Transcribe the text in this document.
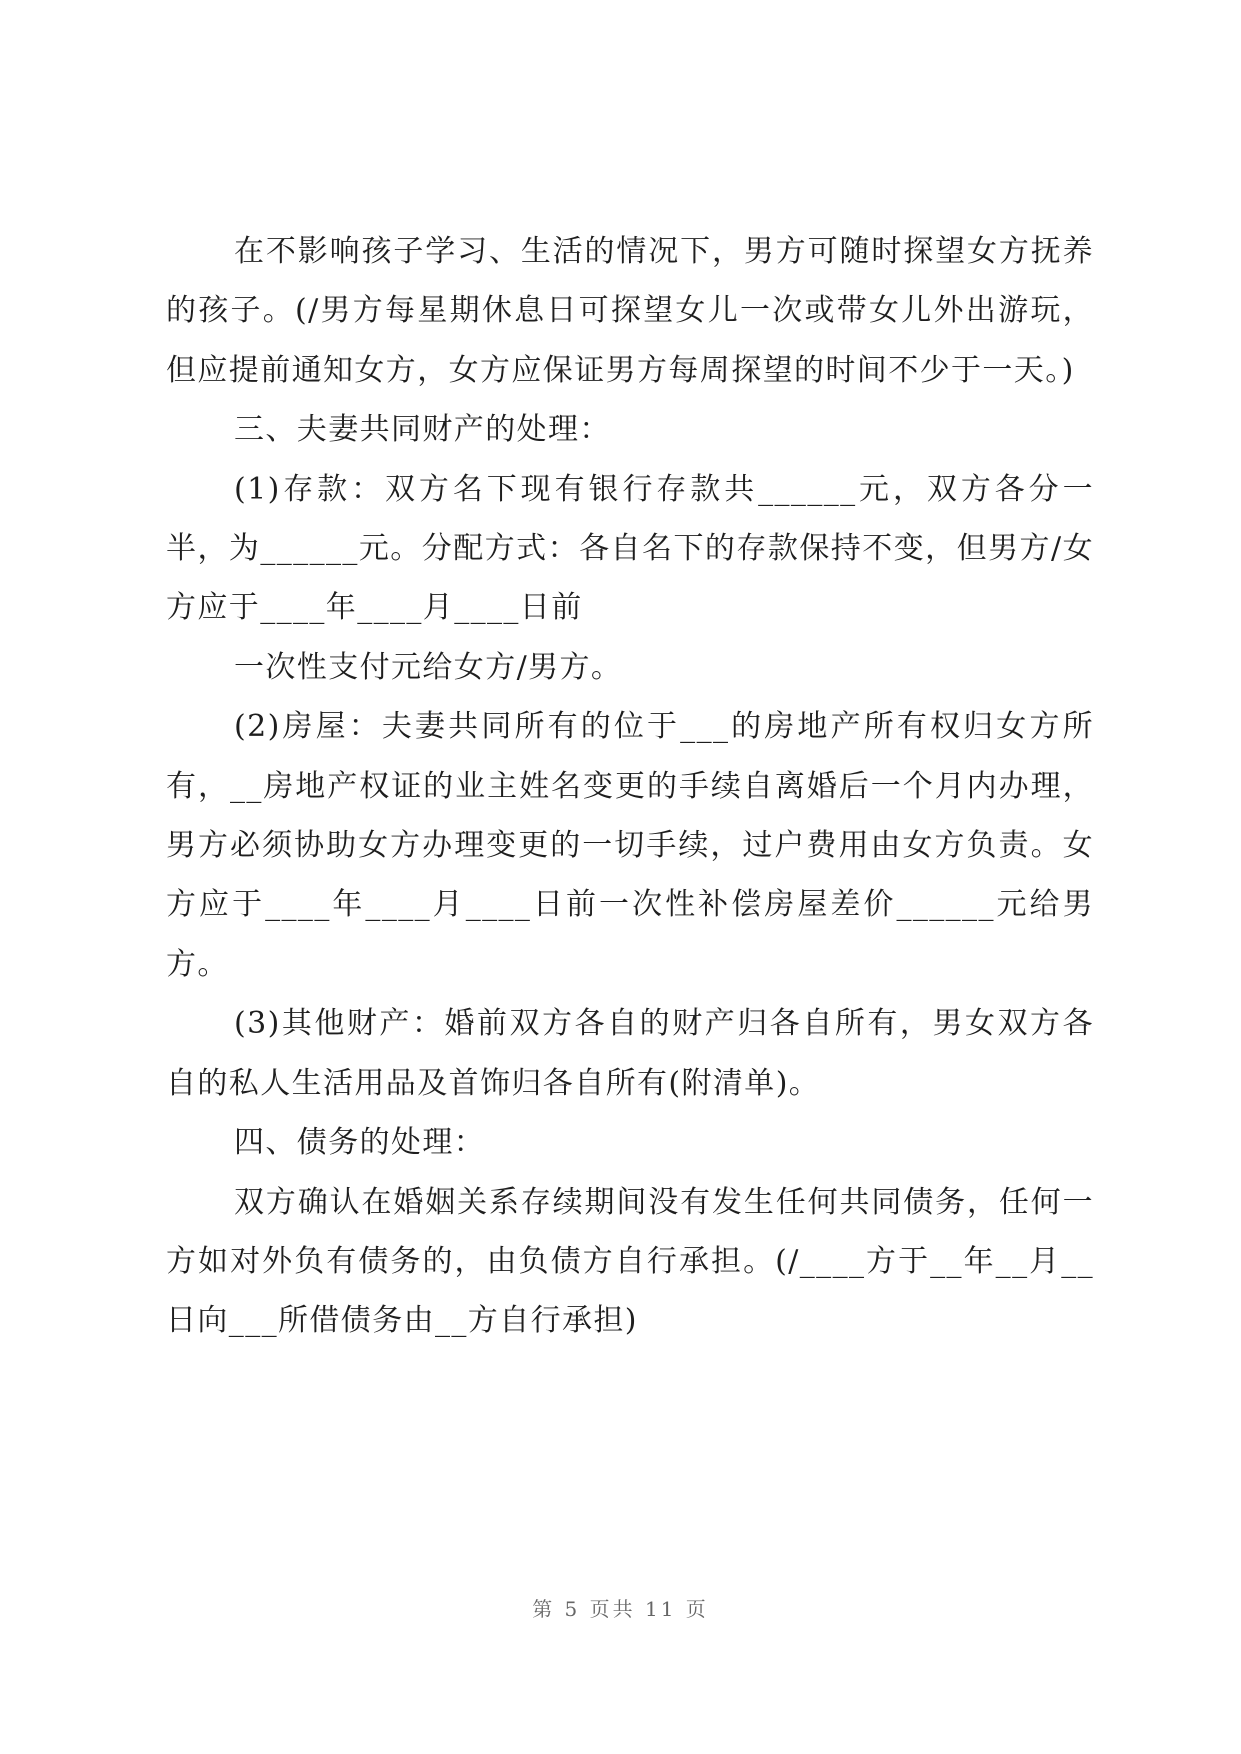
在不影响孩子学习、生活的情况下，男方可随时探望女方抚养的孩子。(/男方每星期休息日可探望女儿一次或带女儿外出游玩，但应提前通知女方，女方应保证男方每周探望的时间不少于一天。)

三、夫妻共同财产的处理：

(1)存款：双方名下现有银行存款共______元，双方各分一半，为______元。分配方式：各自名下的存款保持不变，但男方/女方应于____年____月____日前

一次性支付元给女方/男方。

(2)房屋：夫妻共同所有的位于___的房地产所有权归女方所有，__房地产权证的业主姓名变更的手续自离婚后一个月内办理，男方必须协助女方办理变更的一切手续，过户费用由女方负责。女方应于____年____月____日前一次性补偿房屋差价______元给男方。

(3)其他财产：婚前双方各自的财产归各自所有，男女双方各自的私人生活用品及首饰归各自所有(附清单)。

四、债务的处理：

双方确认在婚姻关系存续期间没有发生任何共同债务，任何一方如对外负有债务的，由负债方自行承担。(/____方于__年__月__日向___所借债务由__方自行承担)

第 5 页共 11 页
